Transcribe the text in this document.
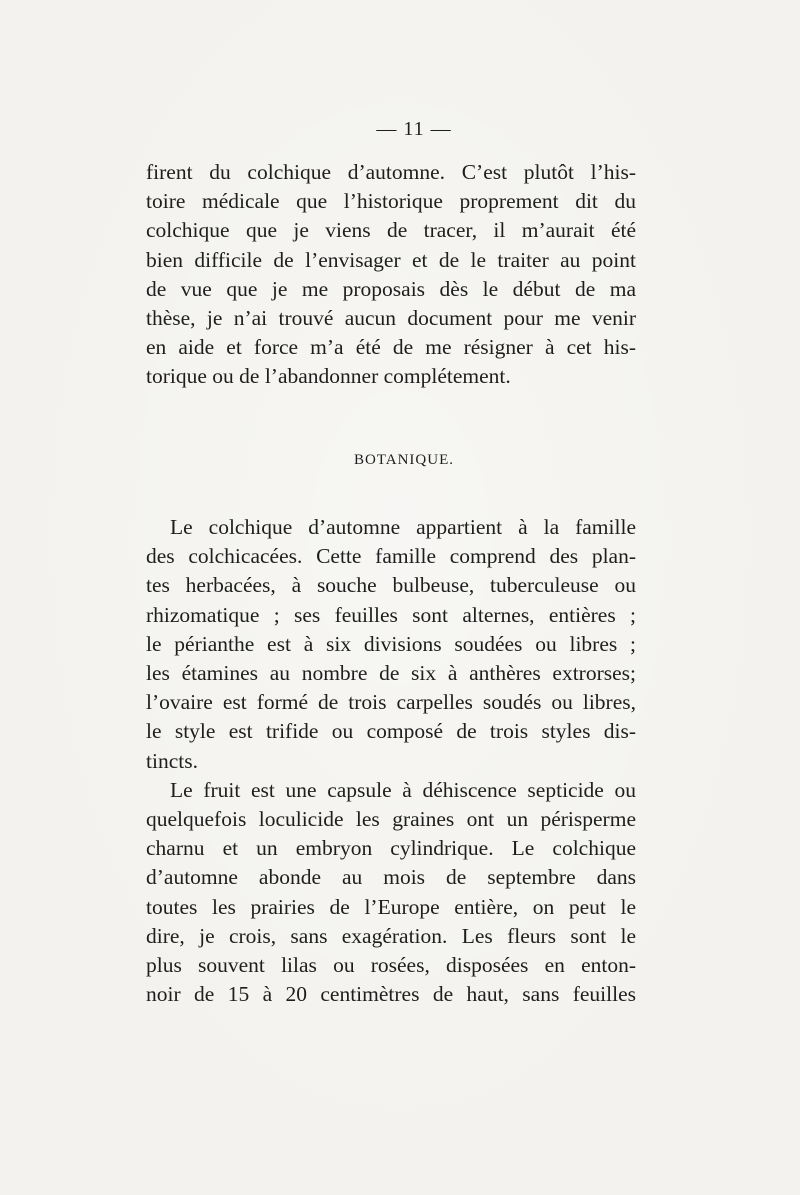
— 11 —
firent du colchique d’automne. C’est plutôt l’his-
toire médicale que l’historique proprement dit du
colchique que je viens de tracer, il m’aurait été
bien difficile de l’envisager et de le traiter au point
de vue que je me proposais dès le début de ma
thèse, je n’ai trouvé aucun document pour me venir
en aide et force m’a été de me résigner à cet his-
torique ou de l’abandonner complétement.
BOTANIQUE.
Le colchique d’automne appartient à la famille
des colchicacées. Cette famille comprend des plan-
tes herbacées, à souche bulbeuse, tuberculeuse ou
rhizomatique ; ses feuilles sont alternes, entières ;
le périanthe est à six divisions soudées ou libres ;
les étamines au nombre de six à anthères extrorses;
l’ovaire est formé de trois carpelles soudés ou libres,
le style est trifide ou composé de trois styles dis-
tincts.
Le fruit est une capsule à déhiscence septicide ou
quelquefois loculicide les graines ont un périsperme
charnu et un embryon cylindrique. Le colchique
d’automne abonde au mois de septembre dans
toutes les prairies de l’Europe entière, on peut le
dire, je crois, sans exagération. Les fleurs sont le
plus souvent lilas ou rosées, disposées en enton-
noir de 15 à 20 centimètres de haut, sans feuilles
